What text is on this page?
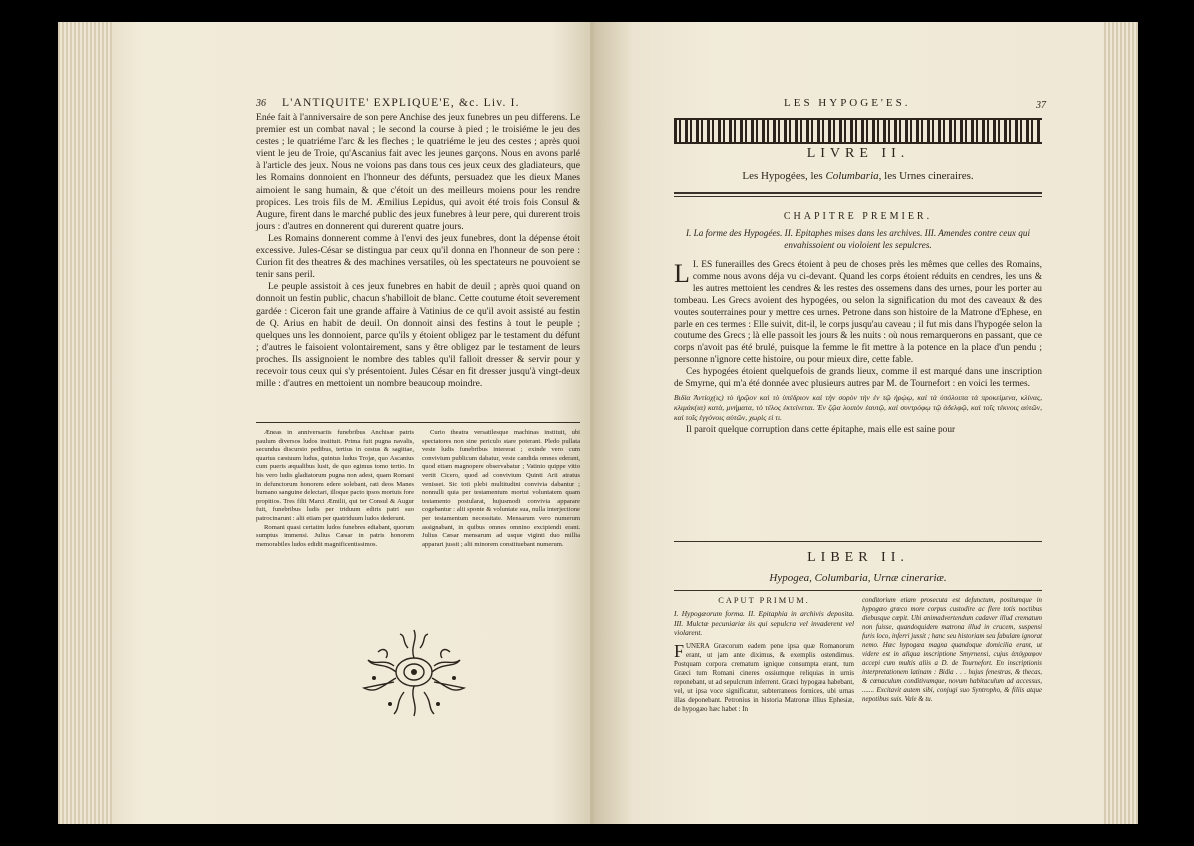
36 L'ANTIQUITE' EXPLIQUE'E, &c. Liv. I.

Enée fait à l'anniversaire de son pere Anchise des jeux funebres un peu differens. Le premier est un combat naval ; le second la course à pied ; le troisiéme le jeu des cestes ; le quatriéme l'arc & les fleches ; le quatriéme le jeu des cestes ; après quoi vient le jeu de Troie, qu'Ascanius fait avec les jeunes garçons. Nous en avons parlé à l'article des jeux. Nous ne voions pas dans tous ces jeux ceux des gladiateurs, que les Romains donnoient en l'honneur des défunts, persuadez que les dieux Manes aimoient le sang humain, & que c'étoit un des meilleurs moiens pour les rendre propices. Les trois fils de M. Æmilius Lepidus, qui avoit été trois fois Consul & Augure, firent dans le marché public des jeux funebres à leur pere, qui durerent trois jours : d'autres en donnerent qui durerent quatre jours.

Les Romains donnerent comme à l'envi des jeux funebres, dont la dépense étoit excessive. Jules-César se distingua par ceux qu'il donna en l'honneur de son pere : Curion fit des theatres & des machines versatiles, où les spectateurs ne pouvoient se tenir sans peril.

Le peuple assistoit à ces jeux funebres en habit de deuil ; après quoi quand on donnoit un festin public, chacun s'habilloit de blanc. Cette coutume étoit severement gardée : Ciceron fait une grande affaire à Vatinius de ce qu'il avoit assisté au festin de Q. Arius en habit de deuil. On donnoit ainsi des festins à tout le peuple ; quelques uns les donnoient, parce qu'ils y étoient obligez par le testament du défunt ; d'autres le faisoient volontairement, sans y être obligez par le testament de leurs proches. Ils assignoient le nombre des tables qu'il falloit dresser & servir pour y recevoir tous ceux qui s'y présentoient. Jules César en fit dresser jusqu'à vingt-deux mille : d'autres en mettoient un nombre beaucoup moindre.

Æneas in anniversariis funebribus Anchisæ patris paulum diversos ludos instituit. Prima fuit pugna navalis, secundus discursio pedibus, tertius in cestus & sagittae, quartus cæstuum ludus, quintus ludus Trojæ, quo Ascanius cum pueris æqualibus lusit, de quo egimus tomo tertio. In his vero ludis gladiatorum pugna non adest, quam Romani in defunctorum honorem edere solebant, rati deos Manes humano sanguine delectari, illoque pacto ipsos mortuis fore propitios. Tres filii Marci Æmilii, qui ter Consul & Augur fuit, funebribus ludis per triduum ediris patri suo patrocinarunt : alii etiam per quatriduum ludos dederunt.

Romani quasi certatim ludos funebres ediabant, quorum sumptus immensi. Julius Cæsar in patris honorem memorabiles ludos edidit magnificentissimos.

Curio theatra versatilesque machinas instituit, ubi spectatores non sine periculo stare poterant. Pledo pullata veste ludis funebribus intererat ; exinde vero cum convivium publicum dabatur, veste candida omnes ederant, quod etiam magnopere observabatur ; Vatinio quippe vitio vertit Cicero, quod ad convivium Quinti Arii atratus venisset. Sic toti plebi multitudini convivia dabantur ; nonnulli quia per testamentum mortui voluntatem quam testamento postularat, hujusmodi convivia apparare cogebantur : alii sponte & voluntate sua, nulla interjectione per testamentum necessitate. Mensarum vero numerum assignabant, in quibus omnes omnino excipiendi erant. Julius Cæsar mensarum ad usque viginti duo millia apparari jussit ; alii minorem constituebant numerum.

LES HYPOGE'ES.	37
LIVRE II.
Les Hypogées, les Columbaria, les Urnes cineraires.
CHAPITRE PREMIER.
I. La forme des Hypogées. II. Epitaphes mises dans les archives. III. Amendes contre ceux qui envahissoient ou violoient les sepulcres.

I.
L ES funerailles des Grecs étoient à peu de choses près les mêmes que celles des Romains, comme nous avons déja vu ci-devant. Quand les corps étoient réduits en cendres, les uns & les autres mettoient les cendres & les restes des ossemens dans des urnes, pour les porter au tombeau. Les Grecs avoient des hypogées, ou selon la signification du mot des caveaux & des voutes souterraines pour y mettre ces urnes. Petrone dans son histoire de la Matrone d'Ephese, en parle en ces termes : Elle suivit, dit-il, le corps jusqu'au caveau ; il fut mis dans l'hypogée selon la coutume des Grecs ; là elle passoit les jours & les nuits : où nous remarquerons en passant, que ce corps n'avoit pas été brulé, puisque la femme le fit mettre à la potence en la place d'un pendu ; personne n'ignore cette histoire, ou pour mieux dire, cette fable.

Ces hypogées étoient quelquefois de grands lieux, comme il est marqué dans une inscription de Smyrne, qui m'a été donnée avec plusieurs autres par M. de Tournefort : en voici les termes.

Βιδία Ἀντίοχ(ις) τὸ ἡρῷον καὶ τὸ ὑπέδριον καὶ τὴν σορὸν τὴν ἐν τῷ ἡρῴῳ, καὶ τὰ ὑπόλοιπα τὰ προκείμενα, κλίνας, κλιμάκ(ια) κατὰ, μνήματα, τὸ τέλος ἐκτείνεται. Ἐν ζῷα λοιπὸν ἑαυτῷ, καὶ συντρόφῳ τῷ ἀδελφῷ, καὶ τοῖς τέκνοις αὐτῶν, καὶ τοῖς ἐγγόνοις αὐτῶν, χωρὶς εἰ τι.

Il paroit quelque corruption dans cette épitaphe, mais elle est saine pour

LIBER II.
Hypogea, Columbaria, Urnæ cinerariæ.
CAPUT PRIMUM.
I. Hypogæorum forma. II. Epitaphia in archivis deposita. III. Mulctæ pecuniariæ iis qui sepulcra vel invaderent vel violarent.
FUNERA Græcorum eadem pene ipsa quæ Romanorum erant, ut jam ante diximus, & exemplis ostendimus. Postquam corpora crematum ignique consumpta erant, tum Græci tum Romani cineres ossiumque reliquias in urnis reponebant, ut ad sepulcrum inferrent. Græci hypogæa habebant, vel, ut ipsa voce significatur, subterraneos fornices, ubi urnas illas deponebant. Petronius in historia Matronæ illius Ephesiæ, de hypogæo hæc habet : In
conditorium etiam prosecuta est defunctum, positumque in hypogæo græco more corpus custodire ac flere totis noctibus diebusque cœpit. Ubi animadvertendum cadaver illud crematum non fuisse, quandoquidem matrona illud in crucem, suspensi furis loco, inferri jussit ; hanc seu historiam seu fabulam ignorat nemo. Hæc hypogæa magna quandoque domicilia erant, ut videre est in aliqua inscriptione Smyrnensi, cujus ἀπόγραφον accepi cum multis aliis a D. de Tournefort. En inscriptionis interpretationem latinam : Bidia . . . hujus fenestras, & thecas, & cœnaculum conditivumque, novum habitaculum ad accessus, ....... Excitavit autem sibi, conjugi suo Syntropho, & filiis atque nepotibus suis. Vale & tu.
